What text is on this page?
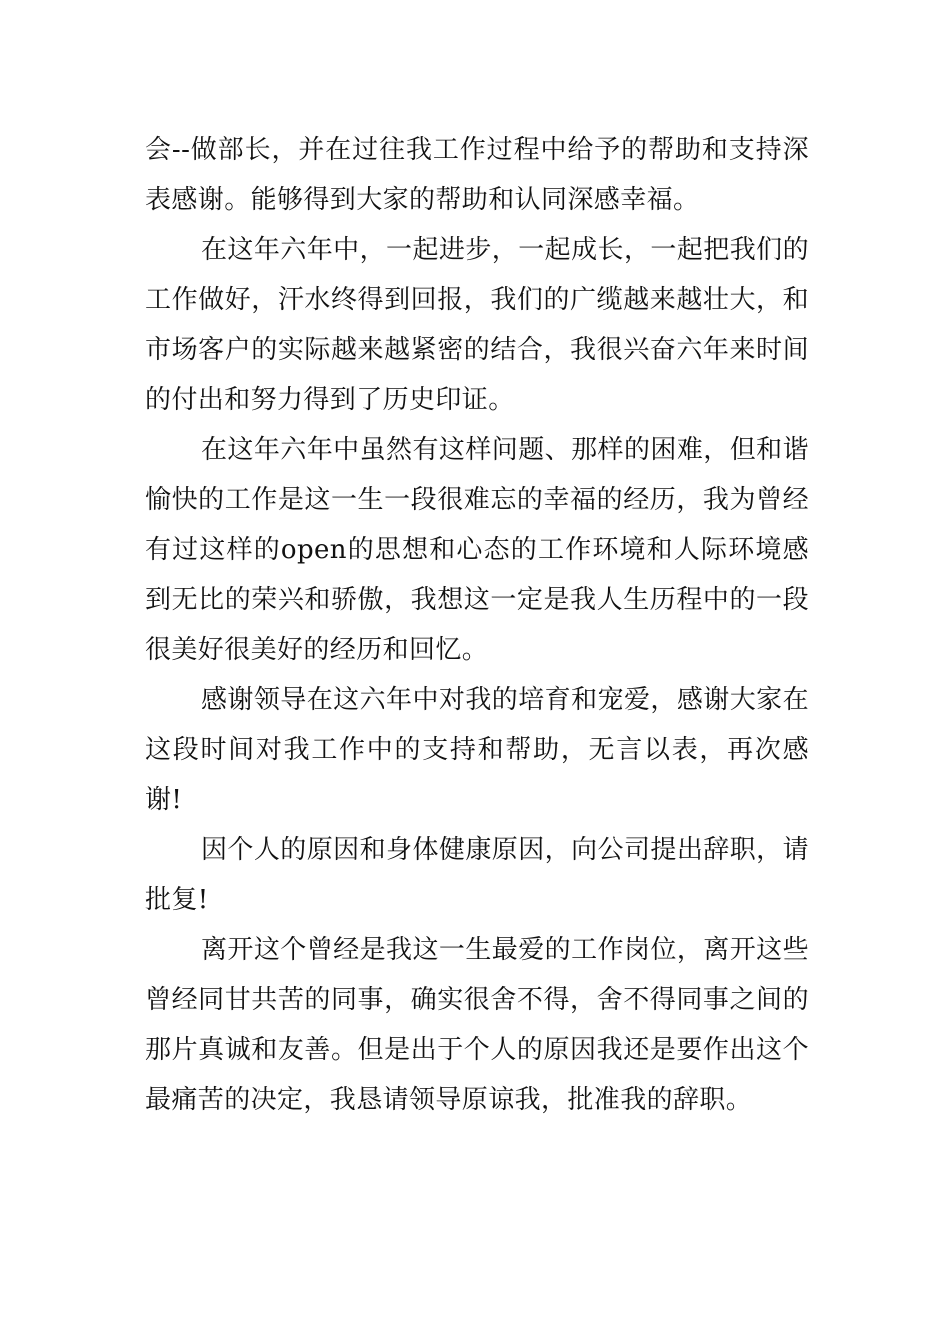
会--做部长，并在过往我工作过程中给予的帮助和支持深表感谢。能够得到大家的帮助和认同深感幸福。

在这年六年中，一起进步，一起成长，一起把我们的工作做好，汗水终得到回报，我们的广缆越来越壮大，和市场客户的实际越来越紧密的结合，我很兴奋六年来时间的付出和努力得到了历史印证。

在这年六年中虽然有这样问题、那样的困难，但和谐愉快的工作是这一生一段很难忘的幸福的经历，我为曾经有过这样的open的思想和心态的工作环境和人际环境感到无比的荣兴和骄傲，我想这一定是我人生历程中的一段很美好很美好的经历和回忆。

感谢领导在这六年中对我的培育和宠爱，感谢大家在这段时间对我工作中的支持和帮助，无言以表，再次感谢!

因个人的原因和身体健康原因，向公司提出辞职，请批复!

离开这个曾经是我这一生最爱的工作岗位，离开这些曾经同甘共苦的同事，确实很舍不得，舍不得同事之间的那片真诚和友善。但是出于个人的原因我还是要作出这个最痛苦的决定，我恳请领导原谅我，批准我的辞职。
